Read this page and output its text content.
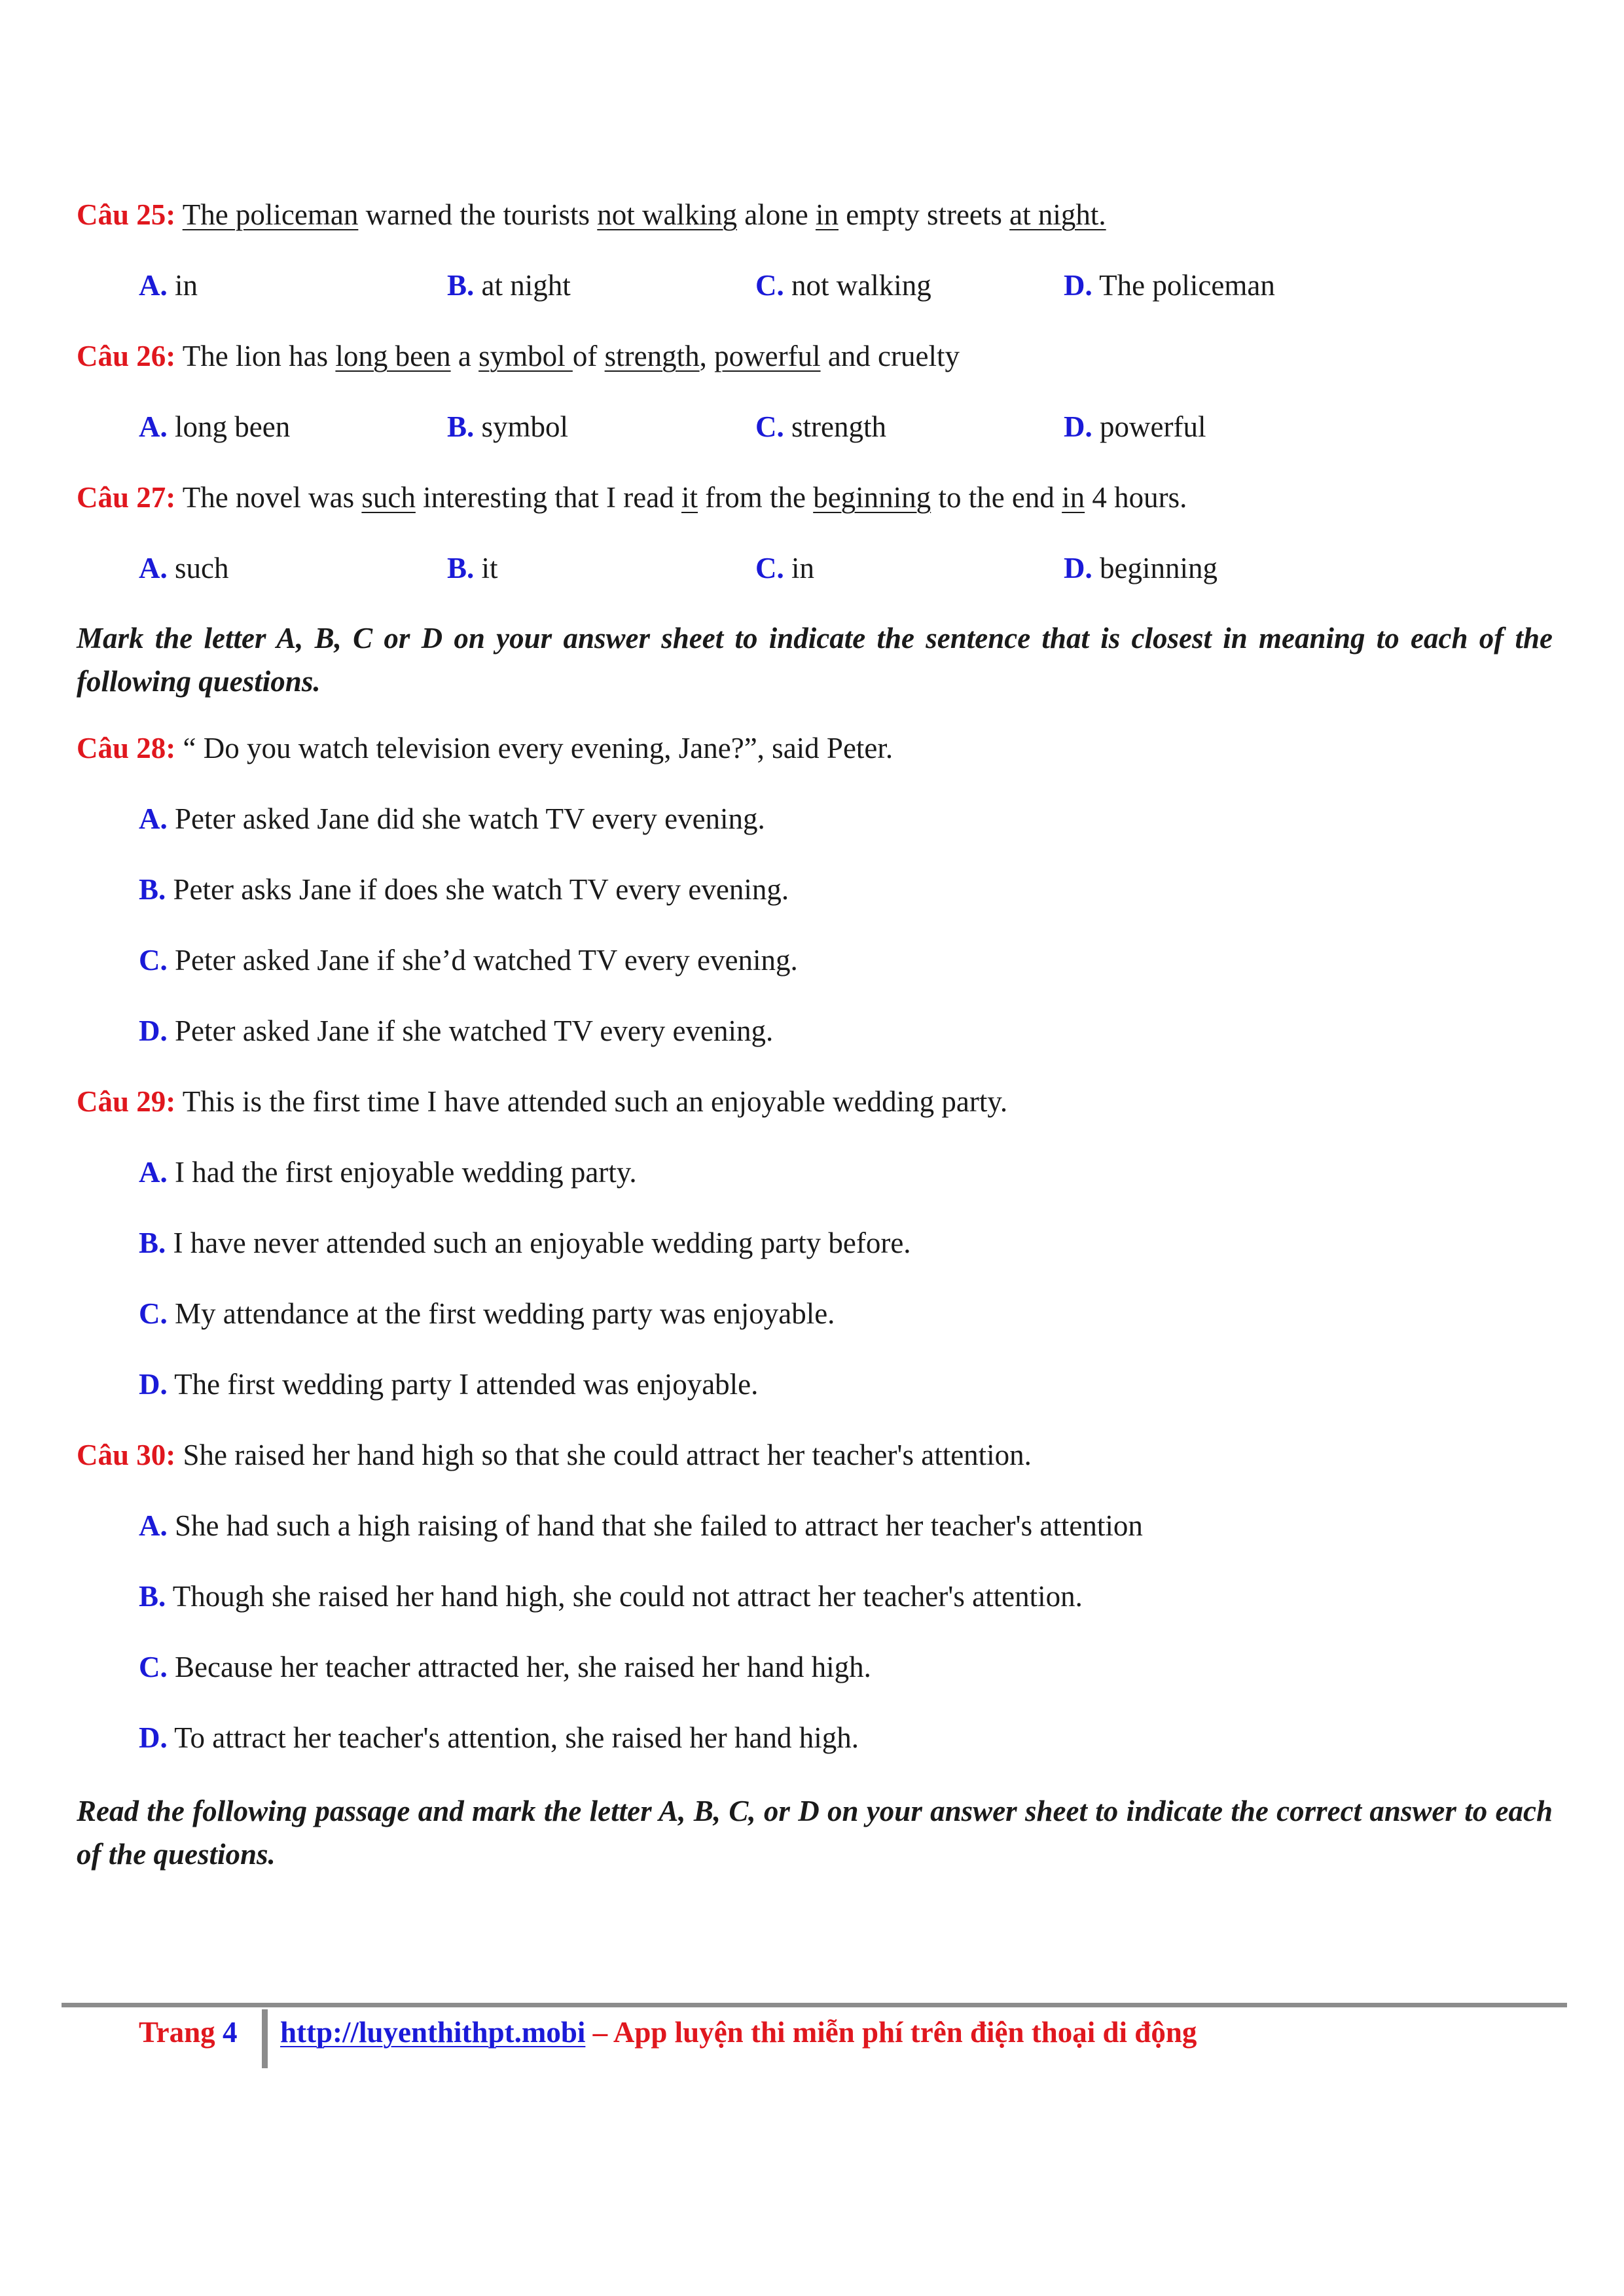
Câu 25: The policeman warned the tourists not walking alone in empty streets at night.
A. in	B. at night	C. not walking	D. The policeman
Câu 26: The lion has long been a symbol of strength, powerful and cruelty
A. long been	B. symbol	C. strength	D. powerful
Câu 27: The novel was such interesting that I read it from the beginning to the end in 4 hours.
A. such	B. it	C. in	D. beginning
Mark the letter A, B, C or D on your answer sheet to indicate the sentence that is closest in meaning to each of the following questions.
Câu 28: “ Do you watch television every evening, Jane?”, said Peter.
A. Peter asked Jane did she watch TV every evening.
B. Peter asks Jane if does she watch TV every evening.
C. Peter asked Jane if she’d watched TV every evening.
D. Peter asked Jane if she watched TV every evening.
Câu 29: This is the first time I have attended such an enjoyable wedding party.
A. I had the first enjoyable wedding party.
B. I have never attended such an enjoyable wedding party before.
C. My attendance at the first wedding party was enjoyable.
D. The first wedding party I attended was enjoyable.
Câu 30: She raised her hand high so that she could attract her teacher's attention.
A. She had such a high raising of hand that she failed to attract her teacher's attention
B. Though she raised her hand high, she could not attract her teacher's attention.
C. Because her teacher attracted her, she raised her hand high.
D. To attract her teacher's attention, she raised her hand high.
Read the following passage and mark the letter A, B, C, or D on your answer sheet to indicate the correct answer to each of the questions.
Trang 4 http://luyenthithpt.mobi – App luyện thi miễn phí trên điện thoại di động
